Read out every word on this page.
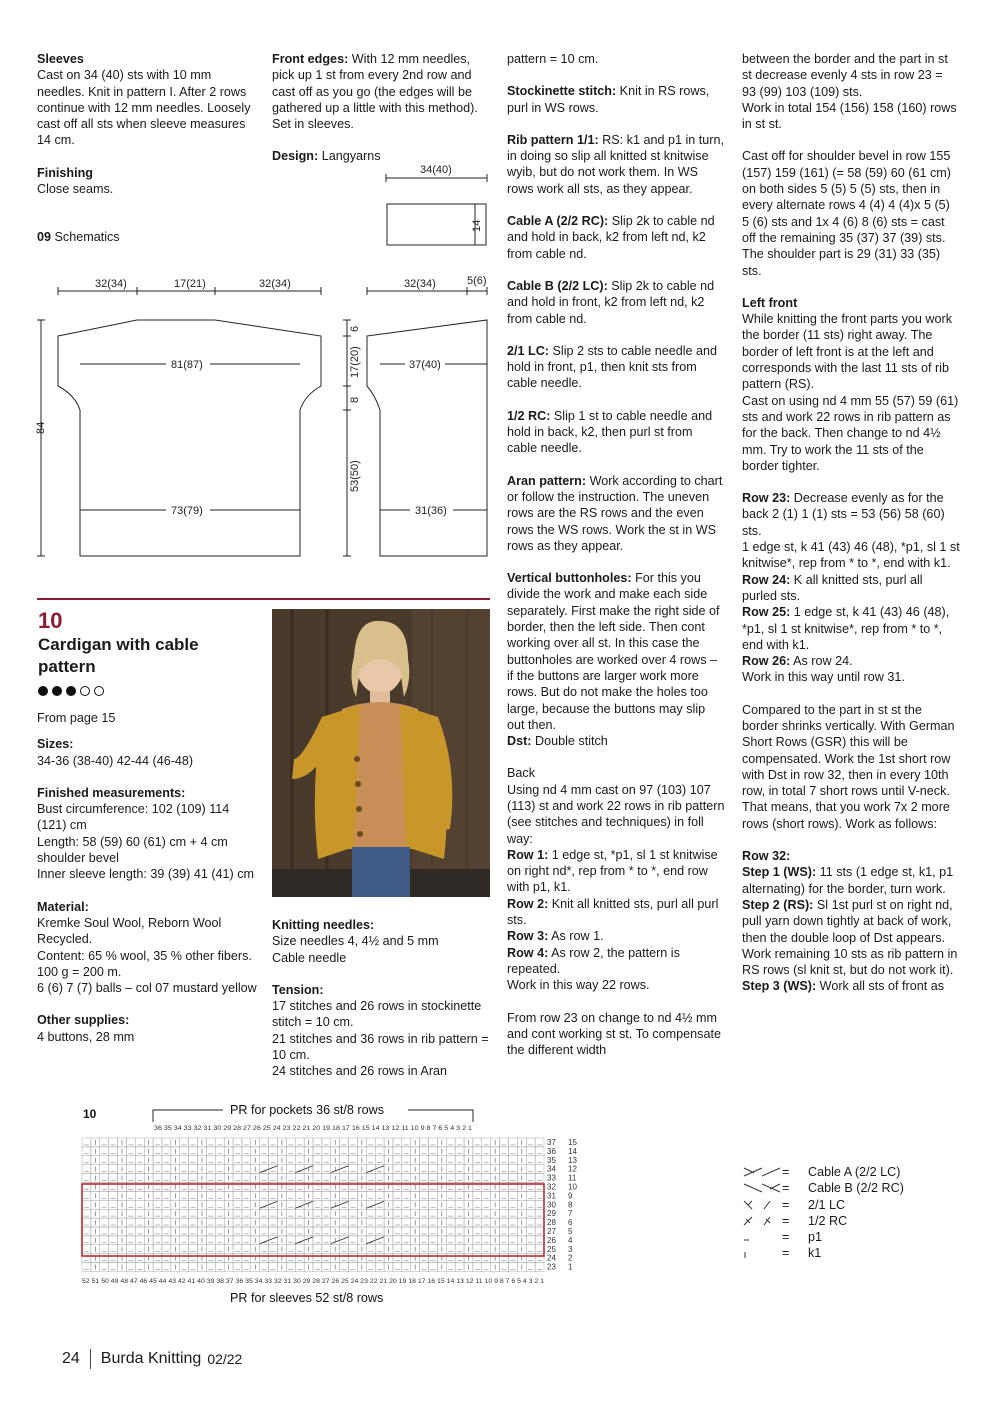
Sleeves

Cast on 34 (40) sts with 10 mm needles. Knit in pattern I. After 2 rows continue with 12 mm needles. Loosely cast off all sts when sleeve measures 14 cm.

Finishing

Close seams.

09 Schematics

Front edges: With 12 mm needles, pick up 1 st from every 2nd row and cast off as you go (the edges will be gathered up a little with this method). Set in sleeves.

Design: Langyarns

34(40)
14
32(34)	17(21)	32(34)
81(87)
73(79)
84
32(34)	5(6)
37(40)
31(36)
6
17(20)
8
53(50)
10
Cardigan with cable pattern

From page 15

Sizes:

34-36 (38-40) 42-44 (46-48)

Finished measurements:

Bust circumference: 102 (109) 114 (121) cm

Length: 58 (59) 60 (61) cm + 4 cm shoulder bevel

Inner sleeve length: 39 (39) 41 (41) cm

Material:

Kremke Soul Wool, Reborn Wool Recycled.

Content: 65 % wool, 35 % other fibers.

100 g = 200 m.

6 (6) 7 (7) balls – col 07 mustard yellow

Other supplies:

4 buttons, 28 mm

Knitting needles:

Size needles 4, 4½ and 5 mm

Cable needle

Tension:

17 stitches and 26 rows in stockinette stitch = 10 cm.

21 stitches and 36 rows in rib pattern = 10 cm.

24 stitches and 26 rows in Aran

pattern = 10 cm.

Stockinette stitch: Knit in RS rows, purl in WS rows.

Rib pattern 1/1: RS: k1 and p1 in turn, in doing so slip all knitted st knitwise wyib, but do not work them. In WS rows work all sts, as they appear.

Cable A (2/2 RC): Slip 2k to cable nd and hold in back, k2 from left nd, k2 from cable nd.

Cable B (2/2 LC): Slip 2k to cable nd and hold in front, k2 from left nd, k2 from cable nd.

2/1 LC: Slip 2 sts to cable needle and hold in front, p1, then knit sts from cable needle.

1/2 RC: Slip 1 st to cable needle and hold in back, k2, then purl st from cable needle.

Aran pattern: Work according to chart or follow the instruction. The uneven rows are the RS rows and the even rows the WS rows. Work the st in WS rows as they appear.

Vertical buttonholes: For this you divide the work and make each side separately. First make the right side of border, then the left side. Then cont working over all st. In this case the buttonholes are worked over 4 rows – if the buttons are larger work more rows. But do not make the holes too large, because the buttons may slip out then.

Dst: Double stitch

Back

Using nd 4 mm cast on 97 (103) 107 (113) st and work 22 rows in rib pattern (see stitches and techniques) in foll way:

Row 1: 1 edge st, *p1, sl 1 st knitwise on right nd*, rep from * to *, end row with p1, k1.

Row 2: Knit all knitted sts, purl all purl sts.

Row 3: As row 1.

Row 4: As row 2, the pattern is repeated.

Work in this way 22 rows.

From row 23 on change to nd 4½ mm and cont working st st. To compensate the different width

between the border and the part in st st decrease evenly 4 sts in row 23 = 93 (99) 103 (109) sts.

Work in total 154 (156) 158 (160) rows in st st.

Cast off for shoulder bevel in row 155 (157) 159 (161) (= 58 (59) 60 (61 cm) on both sides 5 (5) 5 (5) sts, then in every alternate rows 4 (4) 4 (4)x 5 (5) 5 (6) sts and 1x 4 (6) 8 (6) sts = cast off the remaining 35 (37) 37 (39) sts.

The shoulder part is 29 (31) 33 (35) sts.

Left front

While knitting the front parts you work the border (11 sts) right away. The border of left front is at the left and corresponds with the last 11 sts of rib pattern (RS).

Cast on using nd 4 mm 55 (57) 59 (61) sts and work 22 rows in rib pattern as for the back. Then change to nd 4½ mm. Try to work the 11 sts of the border tighter.

Row 23: Decrease evenly as for the back 2 (1) 1 (1) sts = 53 (56) 58 (60) sts.

1 edge st, k 41 (43) 46 (48), *p1, sl 1 st knitwise*, rep from * to *, end with k1.

Row 24: K all knitted sts, purl all purled sts.

Row 25: 1 edge st, k 41 (43) 46 (48), *p1, sl 1 st knitwise*, rep from * to *, end with k1.

Row 26: As row 24.

Work in this way until row 31.

Compared to the part in st st the border shrinks vertically. With German Short Rows (GSR) this will be compensated. Work the 1st short row with Dst in row 32, then in every 10th row, in total 7 short rows until V-neck. That means, that you work 7x 2 more rows (short rows). Work as follows:

Row 32:

Step 1 (WS): 11 sts (1 edge st, k1, p1 alternating) for the border, turn work.

Step 2 (RS): Sl 1st purl st on right nd, pull yarn down tightly at back of work, then the double loop of Dst appears. Work remaining 10 sts as rib pattern in RS rows (sl knit st, but do not work it).

Step 3 (WS): Work all sts of front as

10	PR for pockets 36 st/8 rows
36 35 34 33 32 31 30 29 28 27 26 25 24 23 22 21 20 19 18 17 16 15 14 13 12 11 10 9 8 7 6 5 4 3 2 1
37
36
35
34
33
32
31
30
29
28
27
26
25
24
23
15
14
13
12
11
10
9
8
7
6
5
4
3
2
1
52 51 50 49 48 47 46 45 44 43 42 41 40 39 38 37 36 35 34 33 32 31 30 29 28 27 26 25 24 23 22 21 20 19 18 17 16 15 14 13 12 11 10 9 8 7 6 5 4 3 2 1
PR for sleeves 52 st/8 rows
=	Cable A (2/2 LC)
=	Cable B (2/2 RC)
=	2/1 LC
=	1/2 RC
=	p1
=	k1
24 Burda Knitting 02/22
